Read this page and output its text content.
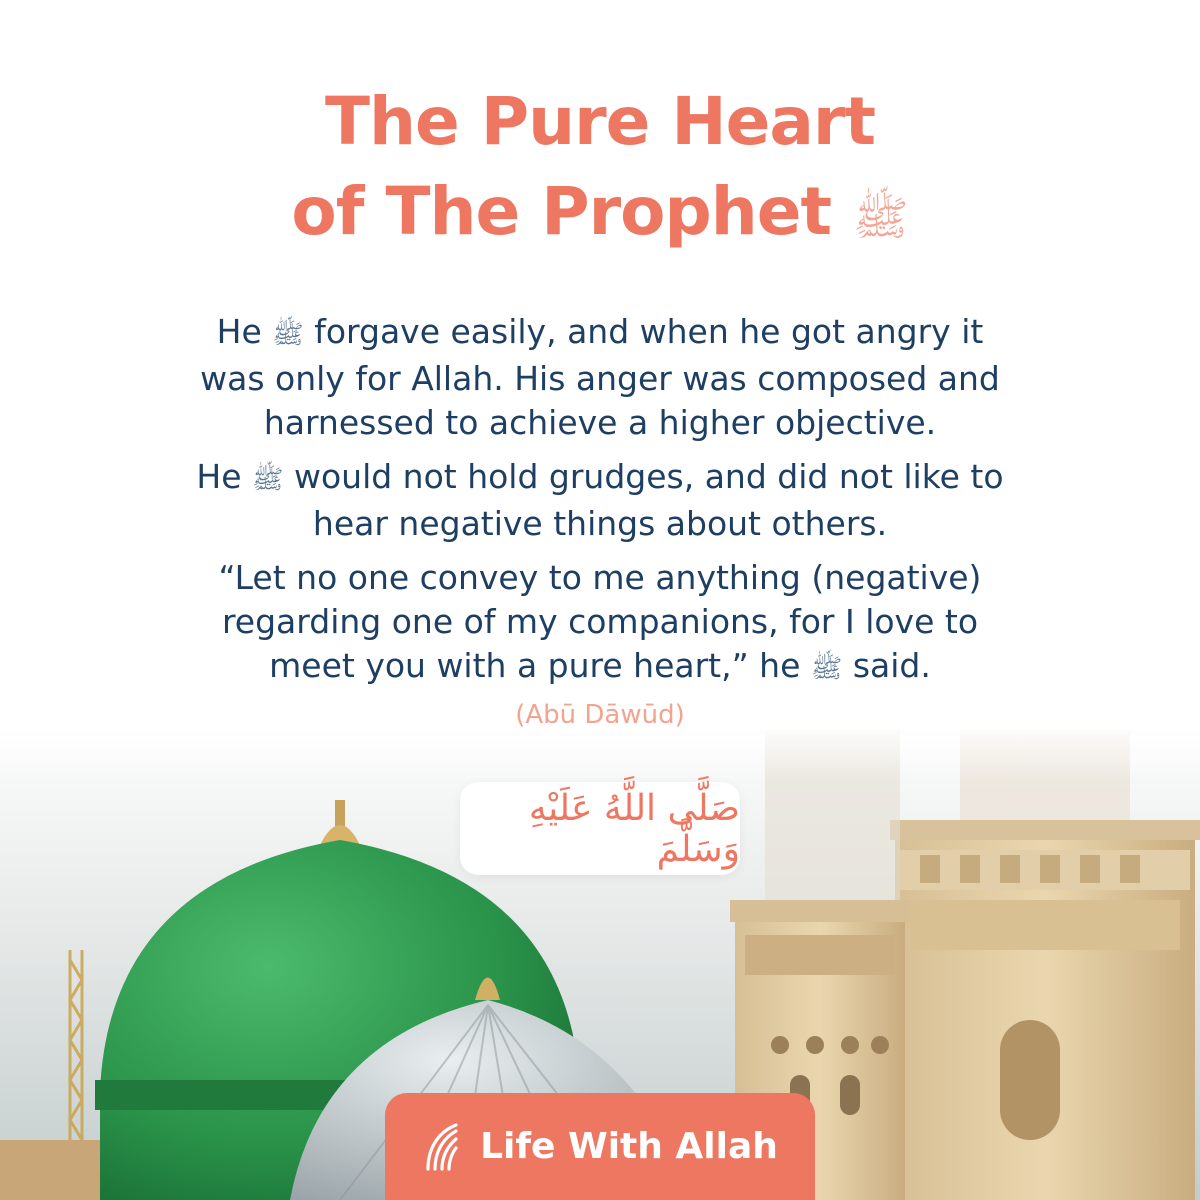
The Pure Heart
of The Prophet ﷺ
He ﷺ forgave easily, and when he got angry it
was only for Allah. His anger was composed and
harnessed to achieve a higher objective.
He ﷺ would not hold grudges, and did not like to
hear negative things about others.
“Let no one convey to me anything (negative)
regarding one of my companions, for I love to
meet you with a pure heart,” he ﷺ said.
(Abū Dāwūd)
صَلَّى اللَّهُ عَلَيْهِ وَسَلَّمَ
Life With Allah
